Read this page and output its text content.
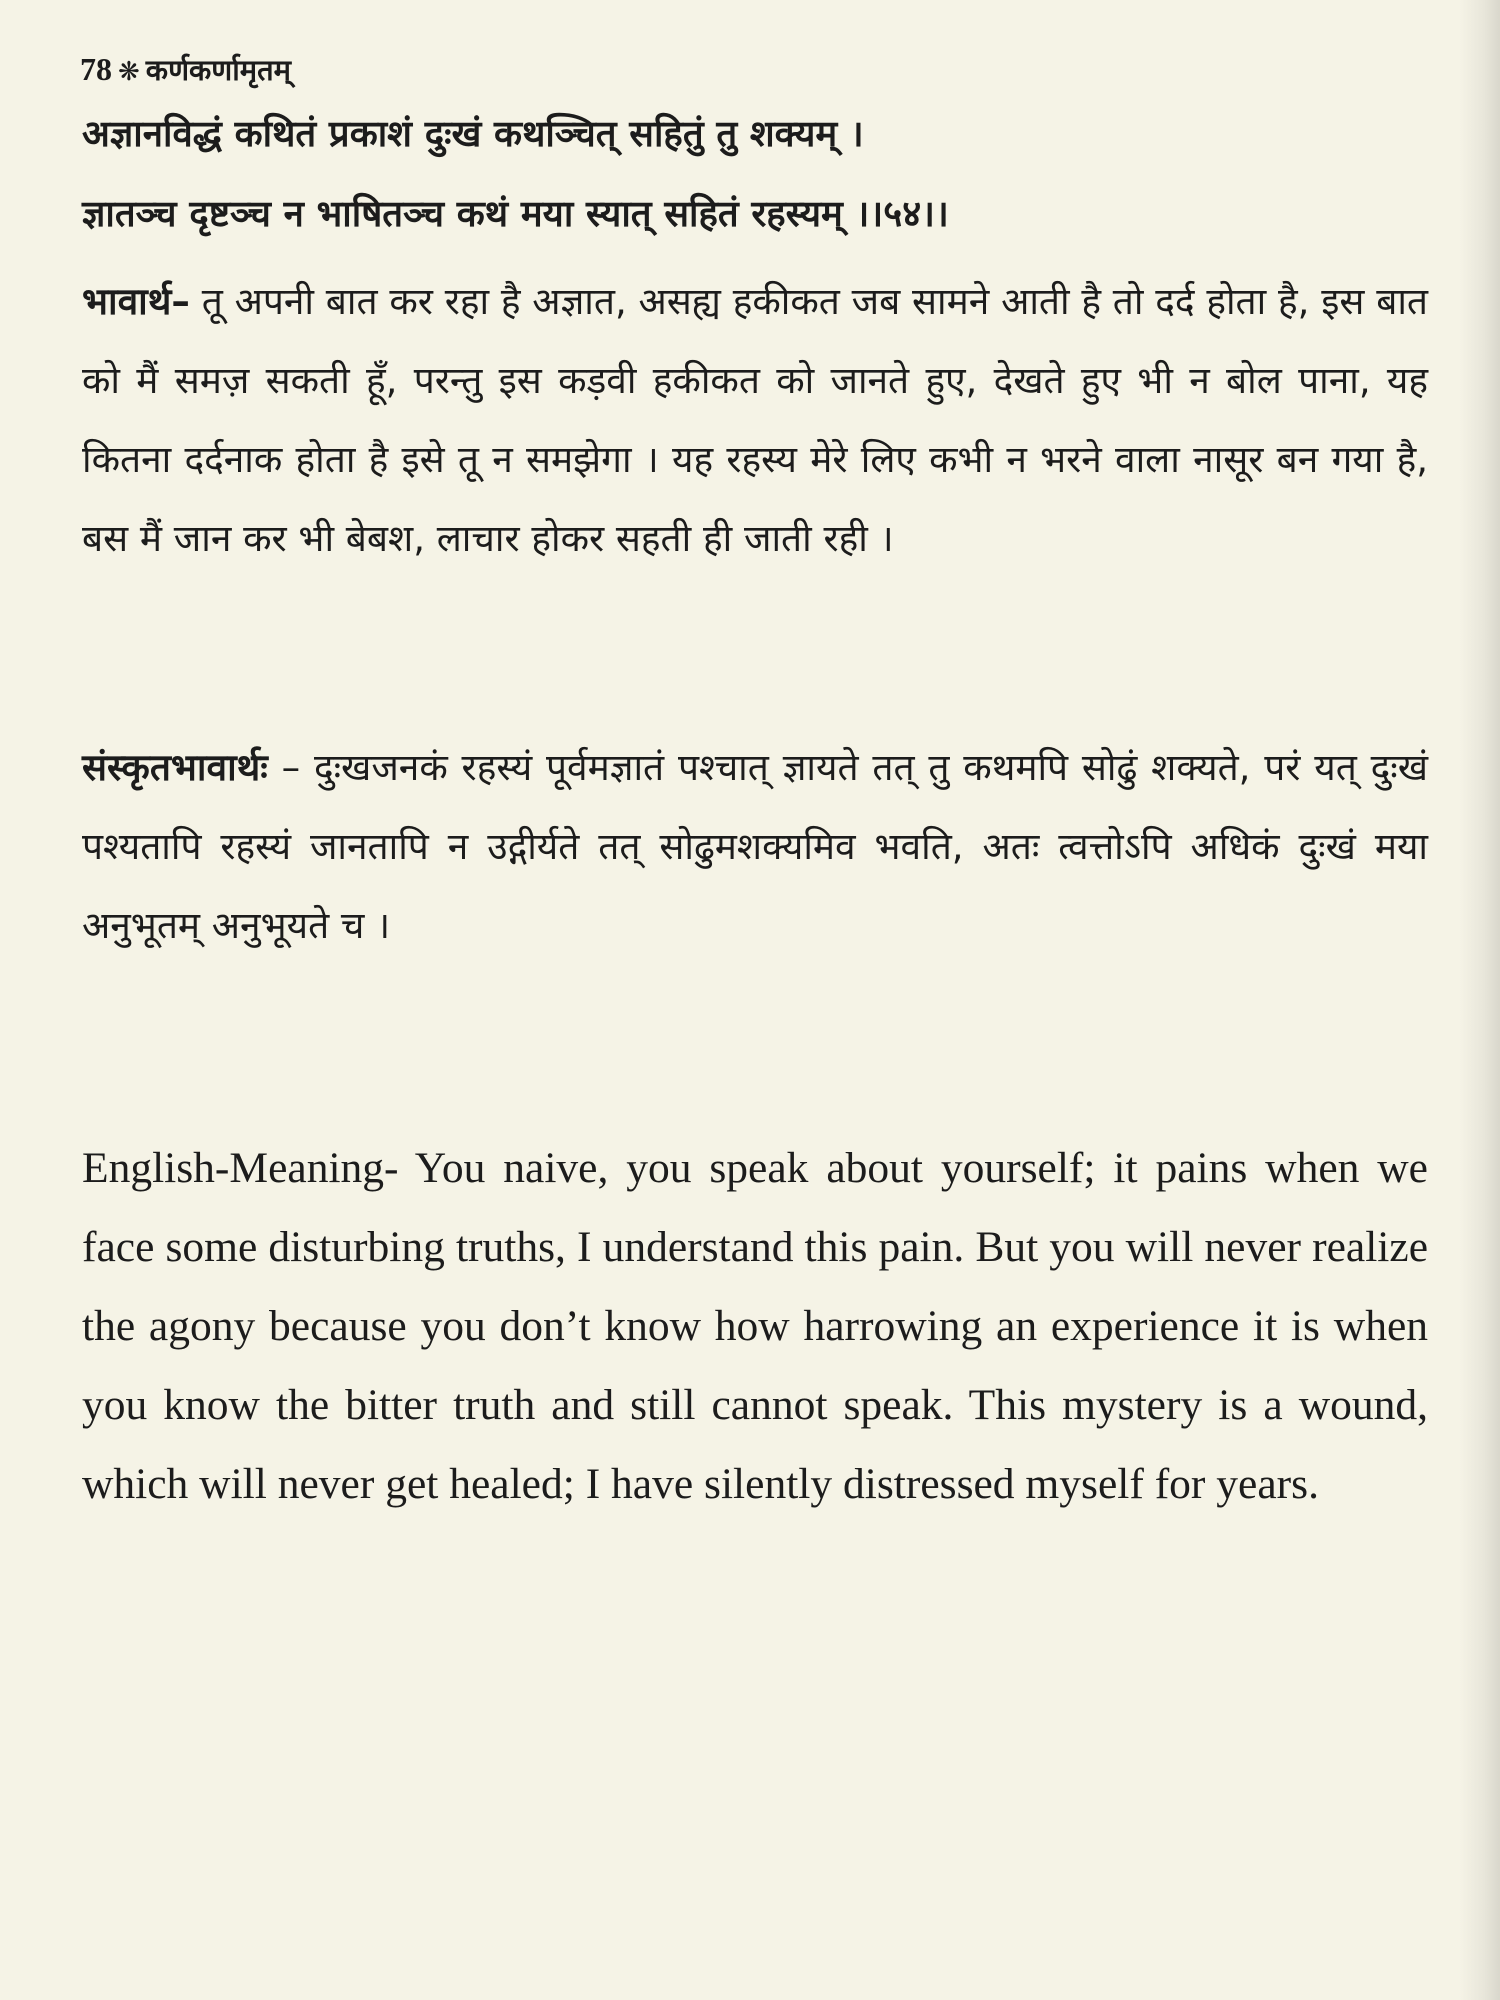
78 ❋ कर्णकर्णामृतम्
अज्ञानविद्धं कथितं प्रकाशं दुःखं कथञ्चित् सहितुं तु शक्यम् ।
ज्ञातञ्च दृष्टञ्च न भाषितञ्च कथं मया स्यात् सहितं रहस्यम् ।।५४।।

भावार्थ– तू अपनी बात कर रहा है अज्ञात, असह्य हकीकत जब सामने आती है तो दर्द होता है, इस बात को मैं समज़ सकती हूँ, परन्तु इस कड़वी हकीकत को जानते हुए, देखते हुए भी न बोल पाना, यह कितना दर्दनाक होता है इसे तू न समझेगा । यह रहस्य मेरे लिए कभी न भरने वाला नासूर बन गया है, बस मैं जान कर भी बेबश, लाचार होकर सहती ही जाती रही ।

संस्कृतभावार्थः – दुःखजनकं रहस्यं पूर्वमज्ञातं पश्चात् ज्ञायते तत् तु कथमपि सोढुं शक्यते, परं यत् दुःखं पश्यतापि रहस्यं जानतापि न उद्गीर्यते तत् सोढुमशक्यमिव भवति, अतः त्वत्तोऽपि अधिकं दुःखं मया अनुभूतम् अनुभूयते च ।

English-Meaning- You naive, you speak about yourself; it pains when we face some disturbing truths, I understand this pain. But you will never realize the agony because you don’t know how harrowing an experience it is when you know the bitter truth and still cannot speak. This mystery is a wound, which will never get healed; I have silently distressed myself for years.
